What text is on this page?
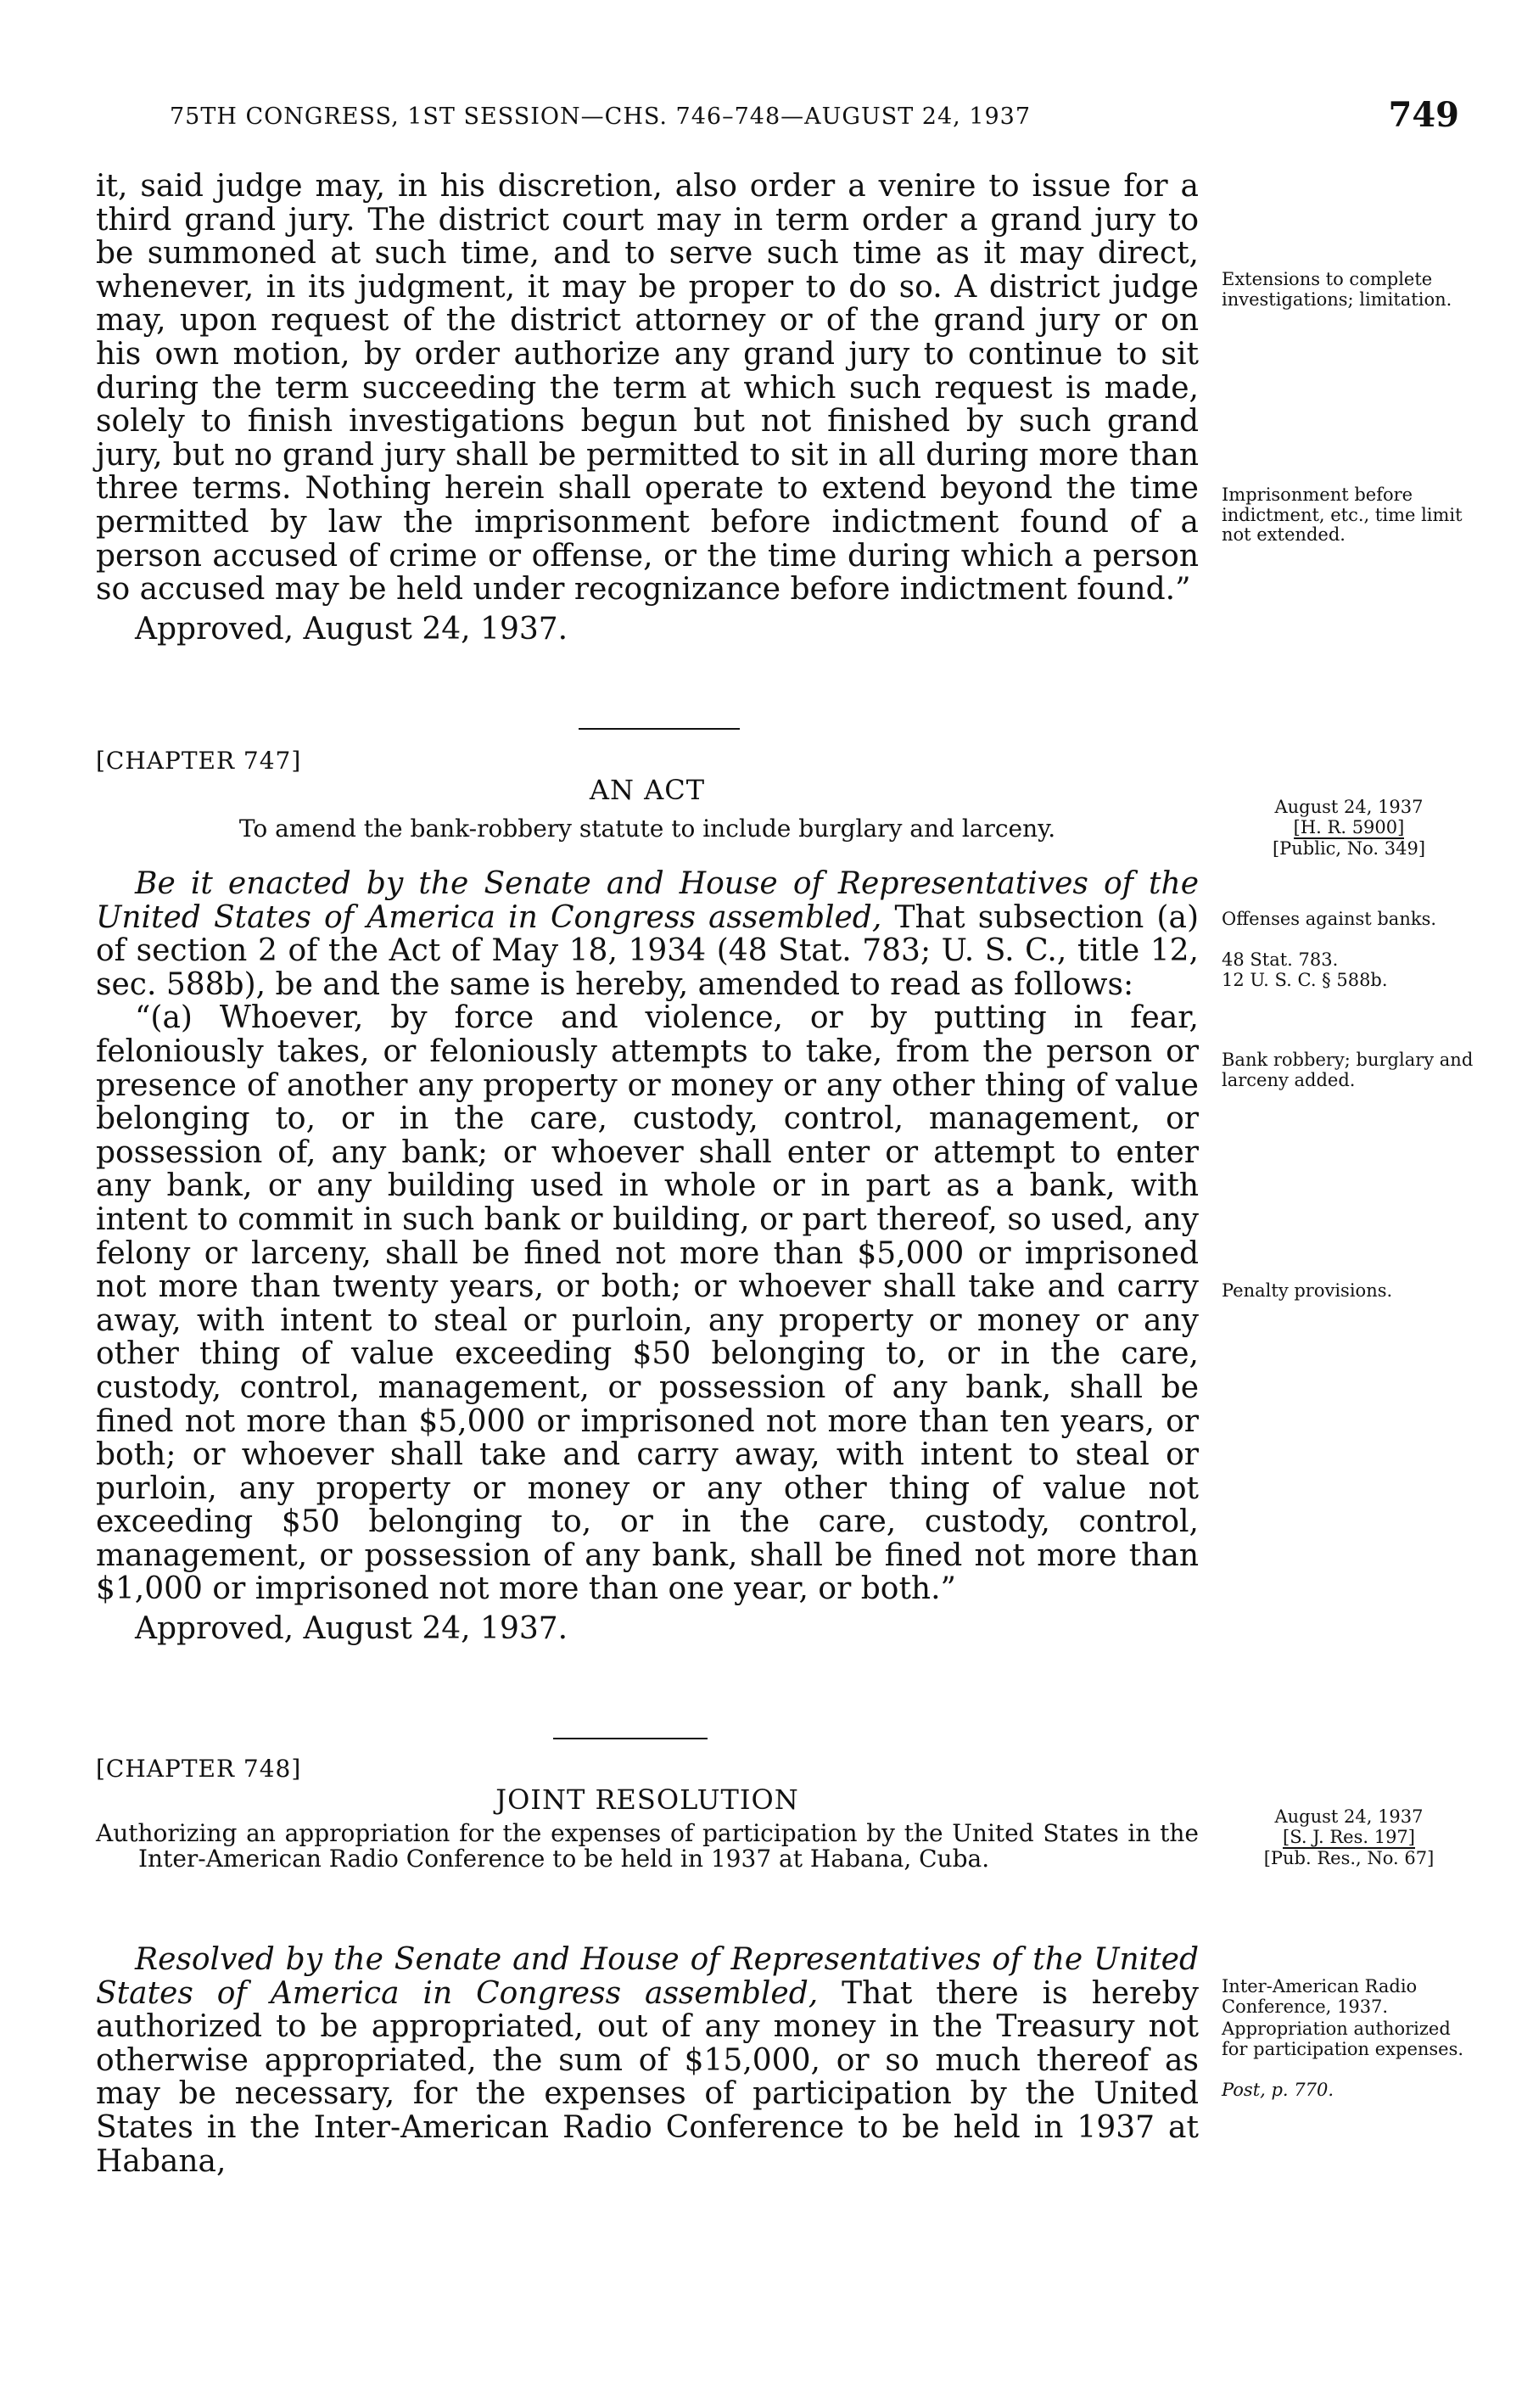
75TH CONGRESS, 1ST SESSION—CHS. 746–748—AUGUST 24, 1937	749

it, said judge may, in his discretion, also order a venire to issue for a third grand jury. The district court may in term order a grand jury to be summoned at such time, and to serve such time as it may direct, whenever, in its judgment, it may be proper to do so. A district judge may, upon request of the district attorney or of the grand jury or on his own motion, by order authorize any grand jury to continue to sit during the term succeeding the term at which such request is made, solely to finish investigations begun but not finished by such grand jury, but no grand jury shall be permitted to sit in all during more than three terms. Nothing herein shall operate to extend beyond the time permitted by law the imprisonment before indictment found of a person accused of crime or offense, or the time during which a person so accused may be held under recognizance before indictment found.”

Approved, August 24, 1937.

Extensions to complete investigations; limitation.
Imprisonment before indictment, etc., time limit not extended.
[CHAPTER 747]
AN ACT
To amend the bank-robbery statute to include burglary and larceny.
August 24, 1937
[H. R. 5900]
[Public, No. 349]

Be it enacted by the Senate and House of Representatives of the United States of America in Congress assembled, That subsection (a) of section 2 of the Act of May 18, 1934 (48 Stat. 783; U. S. C., title 12, sec. 588b), be and the same is hereby, amended to read as follows:

“(a) Whoever, by force and violence, or by putting in fear, feloniously takes, or feloniously attempts to take, from the person or presence of another any property or money or any other thing of value belonging to, or in the care, custody, control, management, or possession of, any bank; or whoever shall enter or attempt to enter any bank, or any building used in whole or in part as a bank, with intent to commit in such bank or building, or part thereof, so used, any felony or larceny, shall be fined not more than $5,000 or imprisoned not more than twenty years, or both; or whoever shall take and carry away, with intent to steal or purloin, any property or money or any other thing of value exceeding $50 belonging to, or in the care, custody, control, management, or possession of any bank, shall be fined not more than $5,000 or imprisoned not more than ten years, or both; or whoever shall take and carry away, with intent to steal or purloin, any property or money or any other thing of value not exceeding $50 belonging to, or in the care, custody, control, management, or possession of any bank, shall be fined not more than $1,000 or imprisoned not more than one year, or both.”

Approved, August 24, 1937.

Offenses against banks.
48 Stat. 783.
12 U. S. C. § 588b.
Bank robbery; burglary and larceny added.
Penalty provisions.
[CHAPTER 748]
JOINT RESOLUTION
Authorizing an appropriation for the expenses of participation by the United States in the Inter-American Radio Conference to be held in 1937 at Habana, Cuba.
August 24, 1937
[S. J. Res. 197]
[Pub. Res., No. 67]

Resolved by the Senate and House of Representatives of the United States of America in Congress assembled, That there is hereby authorized to be appropriated, out of any money in the Treasury not otherwise appropriated, the sum of $15,000, or so much thereof as may be necessary, for the expenses of participation by the United States in the Inter-American Radio Conference to be held in 1937 at Habana,

Inter-American Radio Conference, 1937.
Appropriation authorized for participation expenses.
Post, p. 770.
